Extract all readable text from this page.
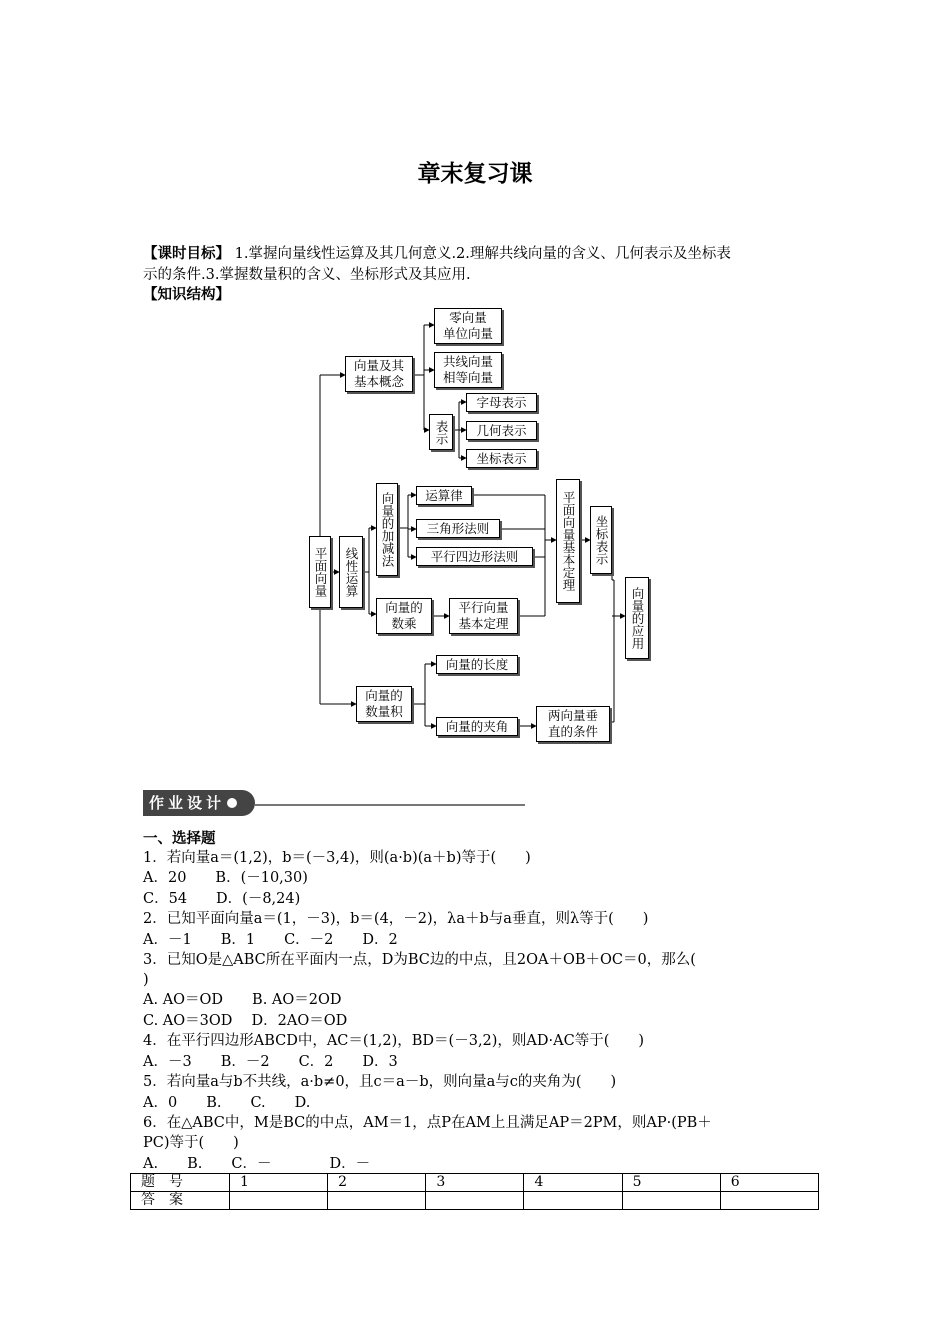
章末复习课
【课时目标】 1.掌握向量线性运算及其几何意义.2.理解共线向量的含义、几何表示及坐标表
示的条件.3.掌握数量积的含义、坐标形式及其应用.
【知识结构】
零向量
单位向量
共线向量
相等向量
向量及其基本概念
表示
字母表示
几何表示
坐标表示
平面向量	线性运算
向量的加减法	运算律
三角形法则
平行四边形法则	平面向量基本定理	坐标表示
向量的应用
向量的
数乘
平行向量
基本定理
向量的
数量积
向量的长度
向量的夹角
两向量垂
直的条件
作业设计
一、选择题
1．若向量a＝(1,2)，b＝(－3,4)，则(a·b)(a＋b)等于(　　)
A．20　　B．(－10,30)
C．54　　D．(－8,24)
2．已知平面向量a＝(1，－3)，b＝(4，－2)，λa＋b与a垂直，则λ等于(　　)
A．－1　　B．1　　C．－2　　D．2
3．已知O是△ABC所在平面内一点，D为BC边的中点，且2OA＋OB＋OC＝0，那么(
)
A. AO＝OD　　B. AO＝2OD
C. AO＝3OD　 D．2AO＝OD
4．在平行四边形ABCD中，AC＝(1,2)，BD＝(－3,2)，则AD·AC等于(　　)
A．－3　　B．－2　　C．2　　D．3
5．若向量a与b不共线，a·b≠0，且c＝a－b，则向量a与c的夹角为(　　)
A．0　　B.　　C.　　D.
6．在△ABC中，M是BC的中点，AM＝1，点P在AM上且满足AP＝2PM，则AP·(PB＋
PC)等于(　　)
A.　　B.　　C．－　　　　D．－
题　号	1	2	3	4	5	6
答　案						
